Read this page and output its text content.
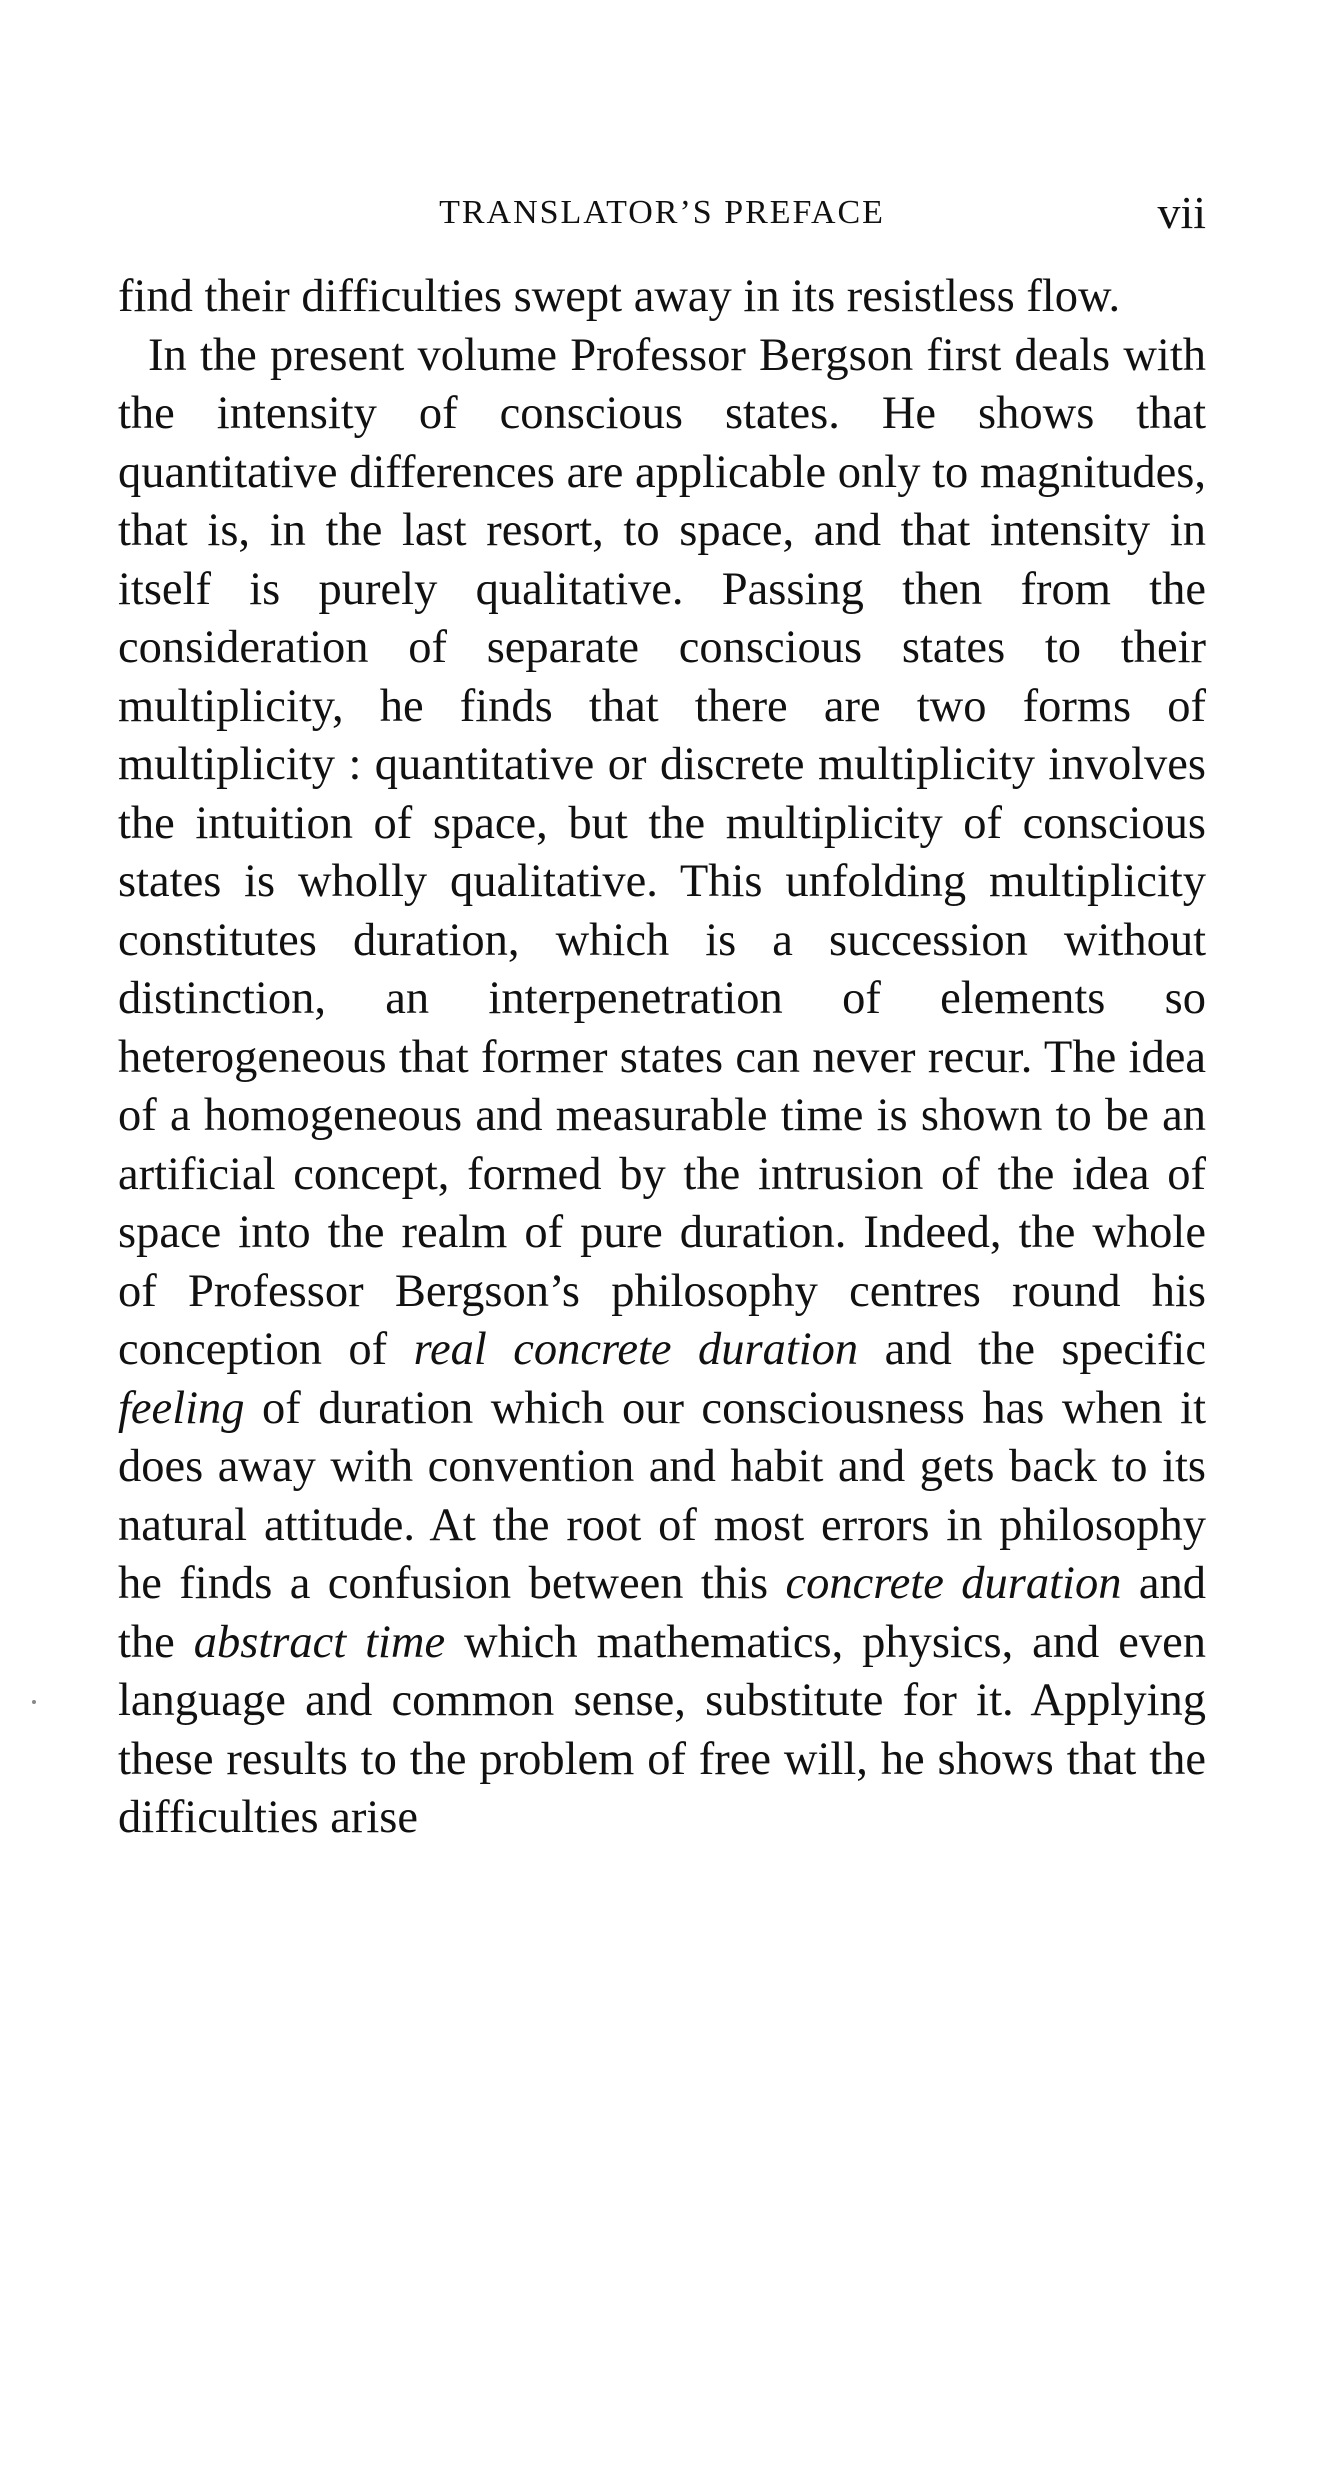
TRANSLATOR’S PREFACE	vii

find their difficulties swept away in its resistless flow.

In the present volume Professor Bergson first deals with the intensity of conscious states. He shows that quantitative differences are applicable only to magnitudes, that is, in the last resort, to space, and that intensity in itself is purely qualitative. Passing then from the consideration of separate conscious states to their multiplicity, he finds that there are two forms of multiplicity : quantitative or discrete multiplicity involves the intuition of space, but the multiplicity of conscious states is wholly qualitative. This unfolding multiplicity constitutes duration, which is a succession without distinction, an interpenetration of elements so heterogeneous that former states can never recur. The idea of a homogeneous and measurable time is shown to be an artificial concept, formed by the intrusion of the idea of space into the realm of pure duration. Indeed, the whole of Professor Bergson’s philosophy centres round his conception of real concrete duration and the specific feeling of duration which our consciousness has when it does away with convention and habit and gets back to its natural attitude. At the root of most errors in philosophy he finds a confusion between this concrete duration and the abstract time which mathematics, physics, and even language and common sense, substitute for it. Applying these results to the problem of free will, he shows that the difficulties arise
